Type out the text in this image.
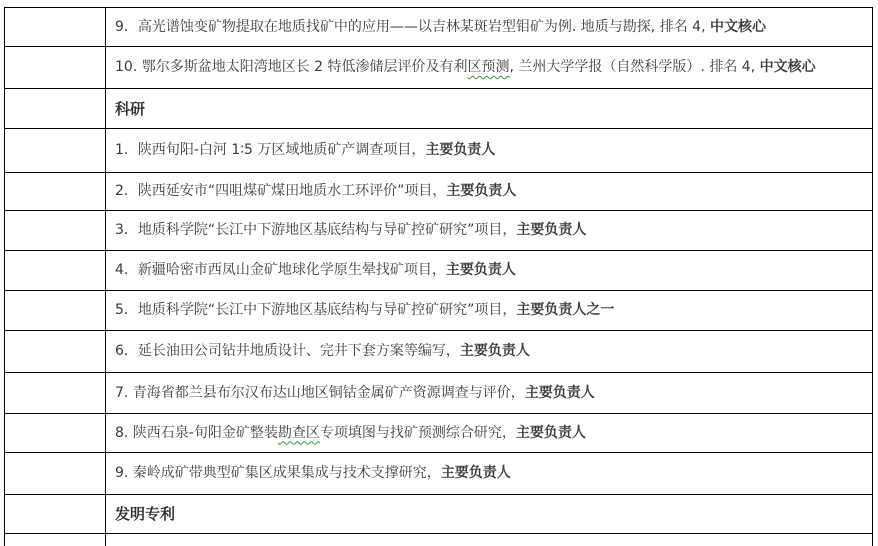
9．高光谱蚀变矿物提取在地质找矿中的应用——以吉林某斑岩型钼矿为例. 地质与勘探, 排名 4, 中文核心
10. 鄂尔多斯盆地太阳湾地区长 2 特低渗储层评价及有利区预测, 兰州大学学报（自然科学版）. 排名 4, 中文核心
科研
1．陕西旬阳-白河 1∶5 万区域地质矿产调查项目，主要负责人
2．陕西延安市“四咀煤矿煤田地质水工环评价”项目，主要负责人
3．地质科学院“长江中下游地区基底结构与导矿控矿研究”项目，主要负责人
4．新疆哈密市西凤山金矿地球化学原生晕找矿项目，主要负责人
5．地质科学院“长江中下游地区基底结构与导矿控矿研究”项目，主要负责人之一
6．延长油田公司钻井地质设计、完井下套方案等编写，主要负责人
7. 青海省都兰县布尔汉布达山地区铜钴金属矿产资源调查与评价，主要负责人
8. 陕西石泉-旬阳金矿整装勘查区专项填图与找矿预测综合研究，主要负责人
9. 秦岭成矿带典型矿集区成果集成与技术支撑研究，主要负责人
发明专利
